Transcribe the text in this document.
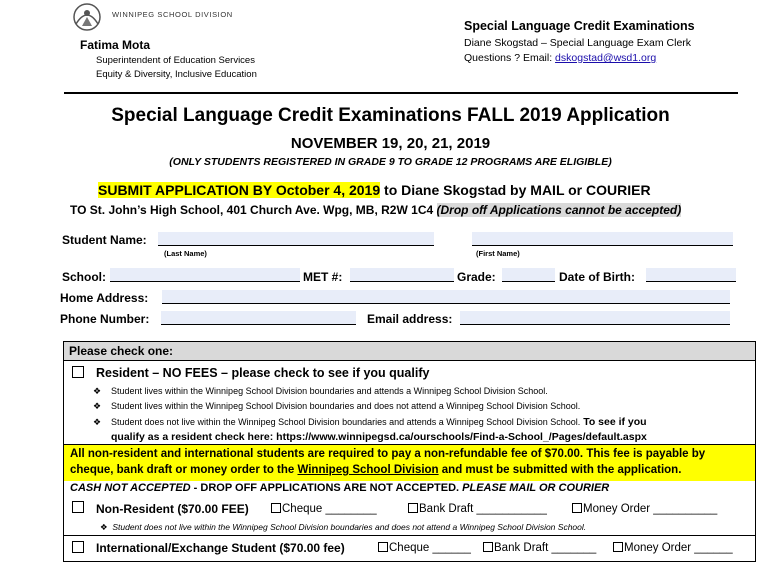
WINNIPEG SCHOOL DIVISION
Fatima Mota
Superintendent of Education Services
Equity & Diversity, Inclusive Education
Special Language Credit Examinations
Diane Skogstad – Special Language Exam Clerk
Questions ? Email: dskogstad@wsd1.org
Special Language Credit Examinations FALL 2019 Application
NOVEMBER 19, 20, 21, 2019
(ONLY STUDENTS REGISTERED IN GRADE 9 TO GRADE 12 PROGRAMS ARE ELIGIBLE)
SUBMIT APPLICATION BY October 4, 2019 to Diane Skogstad by MAIL or COURIER
TO St. John’s High School, 401 Church Ave. Wpg, MB, R2W 1C4 (Drop off Applications cannot be accepted)
Student Name:
(Last Name)	(First Name)
School:	MET #:	Grade:	Date of Birth:
Home Address:
Phone Number:	Email address:
Please check one:
Resident – NO FEES – please check to see if you qualify
❖ Student lives within the Winnipeg School Division boundaries and attends a Winnipeg School Division School.
❖ Student lives within the Winnipeg School Division boundaries and does not attend a Winnipeg School Division School.
❖ Student does not live within the Winnipeg School Division boundaries and attends a Winnipeg School Division School. To see if you
qualify as a resident check here: https://www.winnipegsd.ca/ourschools/Find-a-School_/Pages/default.aspx
All non-resident and international students are required to pay a non-refundable fee of $70.00. This fee is payable by
cheque, bank draft or money order to the Winnipeg School Division and must be submitted with the application.
CASH NOT ACCEPTED - DROP OFF APPLICATIONS ARE NOT ACCEPTED. PLEASE MAIL OR COURIER
Non-Resident ($70.00 FEE)	Cheque ________	Bank Draft ___________	Money Order __________
❖  Student does not live within the Winnipeg School Division boundaries and does not attend a Winnipeg School Division School.
International/Exchange Student ($70.00 fee)	Cheque ______	Bank Draft _______	Money Order ______
